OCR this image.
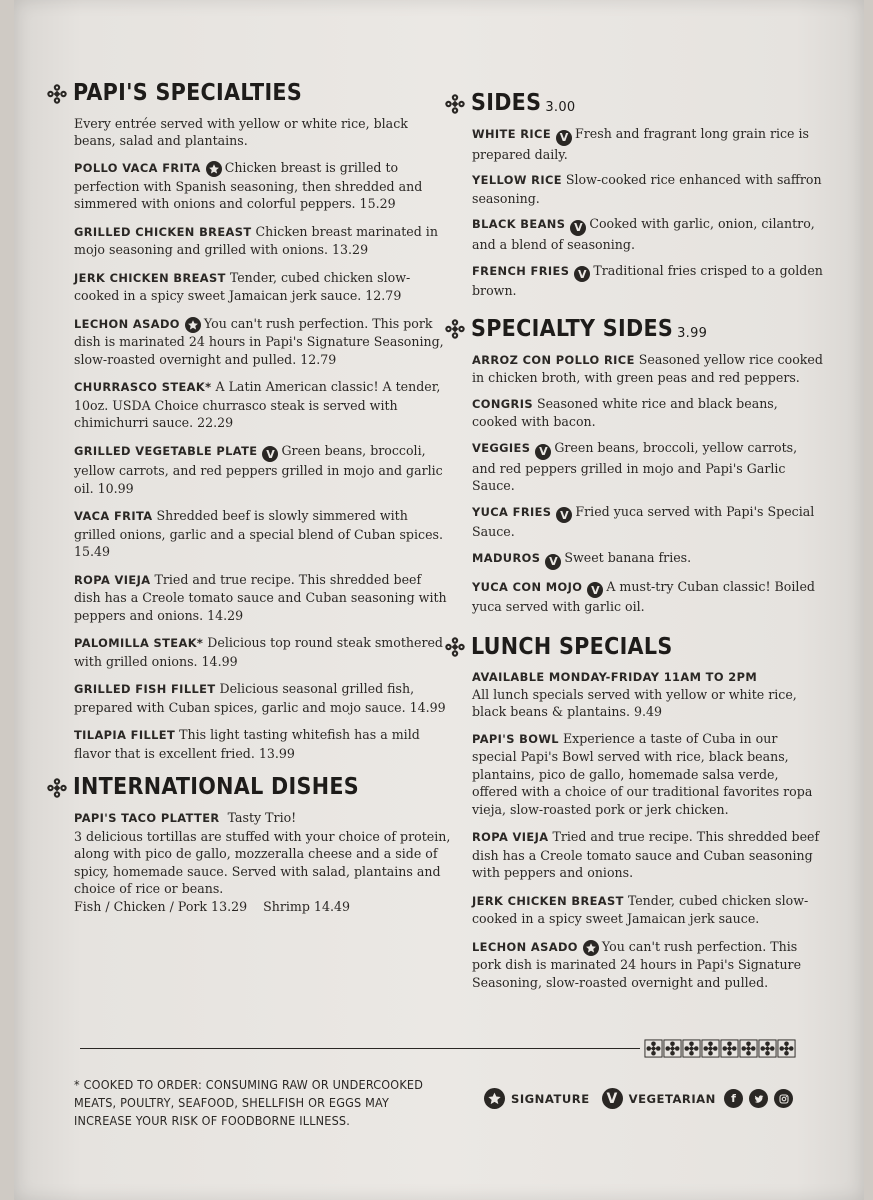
PAPI'S SPECIALTIES
Every entrée served with yellow or white rice, black beans, salad and plantains.
POLLO VACA FRITA Chicken breast is grilled to perfection with Spanish seasoning, then shredded and simmered with onions and colorful peppers. 15.29
GRILLED CHICKEN BREAST Chicken breast marinated in mojo seasoning and grilled with onions. 13.29
JERK CHICKEN BREAST Tender, cubed chicken slow-cooked in a spicy sweet Jamaican jerk sauce. 12.79
LECHON ASADO You can't rush perfection. This pork dish is marinated 24 hours in Papi's Signature Seasoning, slow-roasted overnight and pulled. 12.79
CHURRASCO STEAK* A Latin American classic! A tender, 10oz. USDA Choice churrasco steak is served with chimichurri sauce. 22.29
GRILLED VEGETABLE PLATE V Green beans, broccoli, yellow carrots, and red peppers grilled in mojo and garlic oil. 10.99
VACA FRITA Shredded beef is slowly simmered with grilled onions, garlic and a special blend of Cuban spices. 15.49
ROPA VIEJA Tried and true recipe. This shredded beef dish has a Creole tomato sauce and Cuban seasoning with peppers and onions. 14.29
PALOMILLA STEAK* Delicious top round steak smothered with grilled onions. 14.99
GRILLED FISH FILLET Delicious seasonal grilled fish, prepared with Cuban spices, garlic and mojo sauce. 14.99
TILAPIA FILLET This light tasting whitefish has a mild flavor that is excellent fried. 13.99
INTERNATIONAL DISHES
PAPI'S TACO PLATTER Tasty Trio!
3 delicious tortillas are stuffed with your choice of protein, along with pico de gallo, mozzeralla cheese and a side of spicy, homemade sauce. Served with salad, plantains and choice of rice or beans.
Fish / Chicken / Pork 13.29 Shrimp 14.49
SIDES 3.00
WHITE RICE V Fresh and fragrant long grain rice is prepared daily.
YELLOW RICE Slow-cooked rice enhanced with saffron seasoning.
BLACK BEANS V Cooked with garlic, onion, cilantro, and a blend of seasoning.
FRENCH FRIES V Traditional fries crisped to a golden brown.
SPECIALTY SIDES 3.99
ARROZ CON POLLO RICE Seasoned yellow rice cooked in chicken broth, with green peas and red peppers.
CONGRIS Seasoned white rice and black beans, cooked with bacon.
VEGGIES V Green beans, broccoli, yellow carrots, and red peppers grilled in mojo and Papi's Garlic Sauce.
YUCA FRIES V Fried yuca served with Papi's Special Sauce.
MADUROS V Sweet banana fries.
YUCA CON MOJO V A must-try Cuban classic! Boiled yuca served with garlic oil.
LUNCH SPECIALS
AVAILABLE MONDAY-FRIDAY 11AM TO 2PM
All lunch specials served with yellow or white rice, black beans & plantains. 9.49
PAPI'S BOWL Experience a taste of Cuba in our special Papi's Bowl served with rice, black beans, plantains, pico de gallo, homemade salsa verde, offered with a choice of our traditional favorites ropa vieja, slow-roasted pork or jerk chicken.
ROPA VIEJA Tried and true recipe. This shredded beef dish has a Creole tomato sauce and Cuban seasoning with peppers and onions.
JERK CHICKEN BREAST Tender, cubed chicken slow-cooked in a spicy sweet Jamaican jerk sauce.
LECHON ASADO You can't rush perfection. This pork dish is marinated 24 hours in Papi's Signature Seasoning, slow-roasted overnight and pulled.
* COOKED TO ORDER: CONSUMING RAW OR UNDERCOOKED MEATS, POULTRY, SEAFOOD, SHELLFISH OR EGGS MAY INCREASE YOUR RISK OF FOODBORNE ILLNESS.
SIGNATURE	V VEGETARIAN	f
